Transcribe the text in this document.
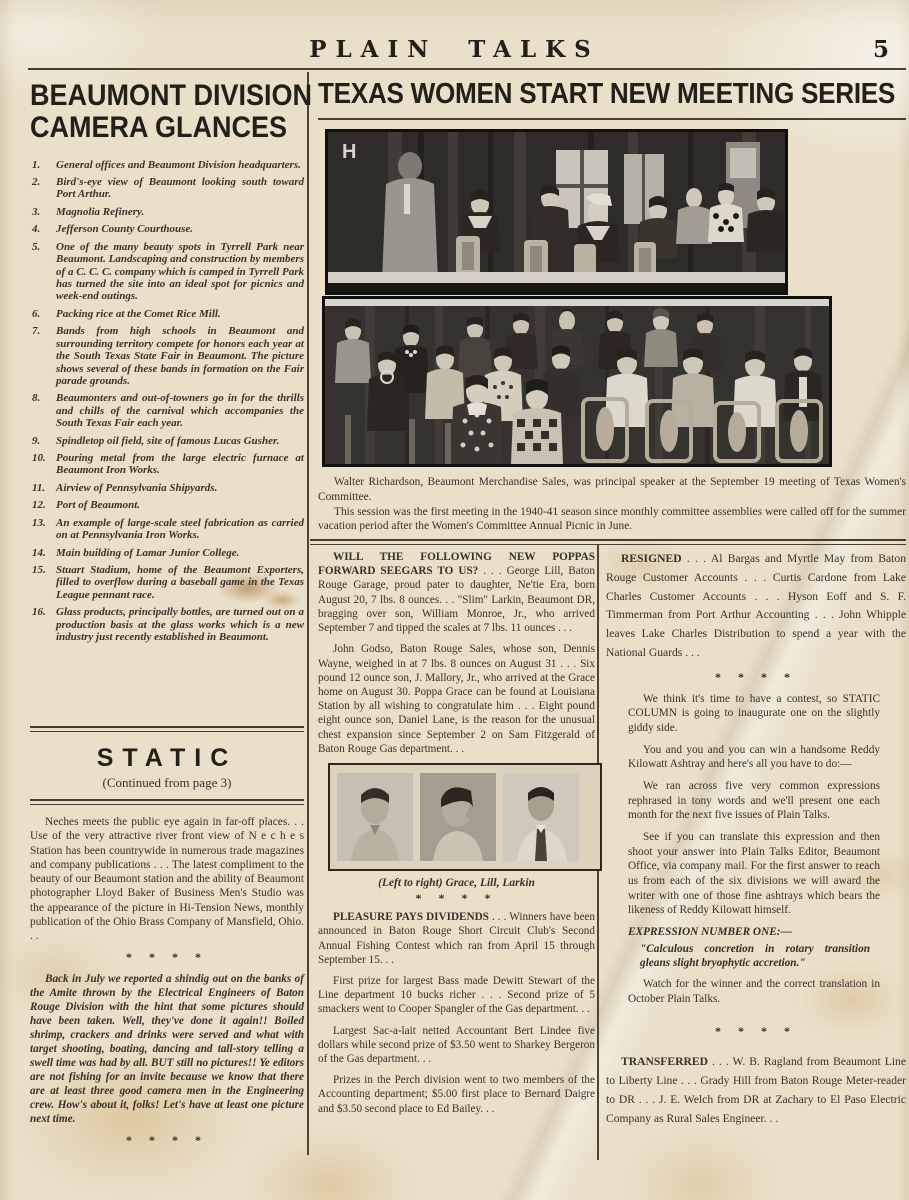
PLAIN TALKS	5
BEAUMONT DIVISION
CAMERA GLANCES
1. General offices and Beaumont Division headquarters.
2. Bird's-eye view of Beaumont looking south toward Port Arthur.
3. Magnolia Refinery.
4. Jefferson County Courthouse.
5. One of the many beauty spots in Tyrrell Park near Beaumont. Landscaping and construction by members of a C. C. C. company which is camped in Tyrrell Park has turned the site into an ideal spot for picnics and week-end outings.
6. Packing rice at the Comet Rice Mill.
7. Bands from high schools in Beaumont and surrounding territory compete for honors each year at the South Texas State Fair in Beaumont. The picture shows several of these bands in formation on the Fair parade grounds.
8. Beaumonters and out-of-towners go in for the thrills and chills of the carnival which accompanies the South Texas Fair each year.
9. Spindletop oil field, site of famous Lucas Gusher.
10. Pouring metal from the large electric furnace at Beaumont Iron Works.
11. Airview of Pennsylvania Shipyards.
12. Port of Beaumont.
13. An example of large-scale steel fabrication as carried on at Pennsylvania Iron Works.
14. Main building of Lamar Junior College.
15. Stuart Stadium, home of the Beaumont Exporters, filled to overflow during a baseball game in the Texas League pennant race.
16. Glass products, principally bottles, are turned out on a production basis at the glass works which is a new industry just recently established in Beaumont.
STATIC
(Continued from page 3)

Neches meets the public eye again in far-off places. . . Use of the very attractive river front view of N e c h e s Station has been countrywide in numerous trade magazines and company publications . . . The latest compliment to the beauty of our Beaumont station and the ability of Beaumont photographer Lloyd Baker of Business Men's Studio was the appearance of the picture in Hi-Tension News, monthly publication of the Ohio Brass Company of Mansfield, Ohio. . .

* * * *

Back in July we reported a shindig out on the banks of the Amite thrown by the Electrical Engineers of Baton Rouge Division with the hint that some pictures should have been taken. Well, they've done it again!! Boiled shrimp, crackers and drinks were served and what with target shooting, boating, dancing and tall-story telling a swell time was had by all. BUT still no pictures!! Ye editors are not fishing for an invite because we know that there are at least three good camera men in the Engineering crew. How's about it, folks! Let's have at least one picture next time.

* * * *
TEXAS WOMEN START NEW MEETING SERIES
H

Walter Richardson, Beaumont Merchandise Sales, was principal speaker at the September 19 meeting of Texas Women's Committee.

This session was the first meeting in the 1940-41 season since monthly committee assemblies were called off for the summer vacation period after the Women's Committee Annual Picnic in June.

WILL THE FOLLOWING NEW POPPAS FORWARD SEEGARS TO US? . . . George Lill, Baton Rouge Garage, proud pater to daughter, Ne'tie Era, born August 20, 7 lbs. 8 ounces. . . "Slim" Larkin, Beaumont DR, bragging over son, William Monroe, Jr., who arrived September 7 and tipped the scales at 7 lbs. 11 ounces . . .

John Godso, Baton Rouge Sales, whose son, Dennis Wayne, weighed in at 7 lbs. 8 ounces on August 31 . . . Six pound 12 ounce son, J. Mallory, Jr., who arrived at the Grace home on August 30. Poppa Grace can be found at Louisiana Station by all wishing to congratulate him . . . Eight pound eight ounce son, Daniel Lane, is the reason for the unusual chest expansion since September 2 on Sam Fitzgerald of Baton Rouge Gas department. . .

(Left to right) Grace, Lill, Larkin

* * * *

PLEASURE PAYS DIVIDENDS . . . Winners have been announced in Baton Rouge Short Circuit Club's Second Annual Fishing Contest which ran from April 15 through September 15. . .

First prize for largest Bass made Dewitt Stewart of the Line department 10 bucks richer . . . Second prize of 5 smackers went to Cooper Spangler of the Gas department. . .

Largest Sac-a-lait netted Accountant Bert Lindee five dollars while second prize of $3.50 went to Sharkey Bergeron of the Gas department. . .

Prizes in the Perch division went to two members of the Accounting department; $5.00 first place to Bernard Daigre and $3.50 second place to Ed Bailey. . .

RESIGNED . . . Al Bargas and Myrtle May from Baton Rouge Customer Accounts . . . Curtis Cardone from Lake Charles Customer Accounts . . . Hyson Eoff and S. F. Timmerman from Port Arthur Accounting . . . John Whipple leaves Lake Charles Distribution to spend a year with the National Guards . . .

* * * *

We think it's time to have a contest, so STATIC COLUMN is going to inaugurate one on the slightly giddy side.

You and you and you can win a handsome Reddy Kilowatt Ashtray and here's all you have to do:—

We ran across five very common expressions rephrased in tony words and we'll present one each month for the next five issues of Plain Talks.

See if you can translate this expression and then shoot your answer into Plain Talks Editor, Beaumont Office, via company mail. For the first answer to reach us from each of the six divisions we will award the writer with one of those fine ashtrays which bears the likeness of Reddy Kilowatt himself.

EXPRESSION NUMBER ONE:—

"Calculous concretion in rotary transition gleans slight bryophytic accretion."

Watch for the winner and the correct translation in October Plain Talks.

* * * *

TRANSFERRED . . . W. B. Ragland from Beaumont Line to Liberty Line . . . Grady Hill from Baton Rouge Meter-reader to DR . . . J. E. Welch from DR at Zachary to El Paso Electric Company as Rural Sales Engineer. . .
